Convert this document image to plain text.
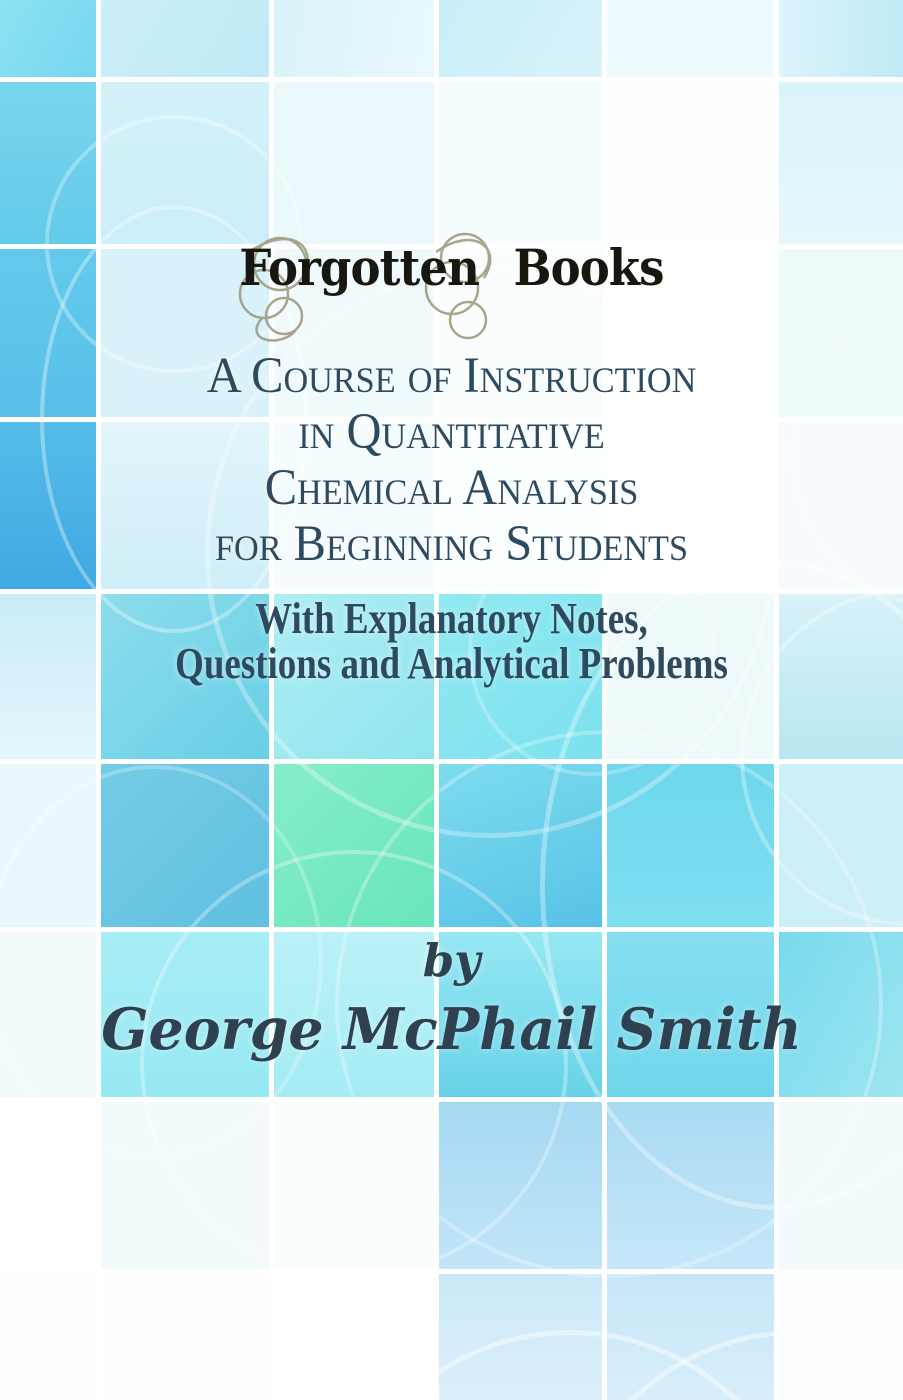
Forgotten Books
A Course of Instruction
in Quantitative
Chemical Analysis
for Beginning Students
With Explanatory Notes,
Questions and Analytical Problems
by
George McPhail Smith
